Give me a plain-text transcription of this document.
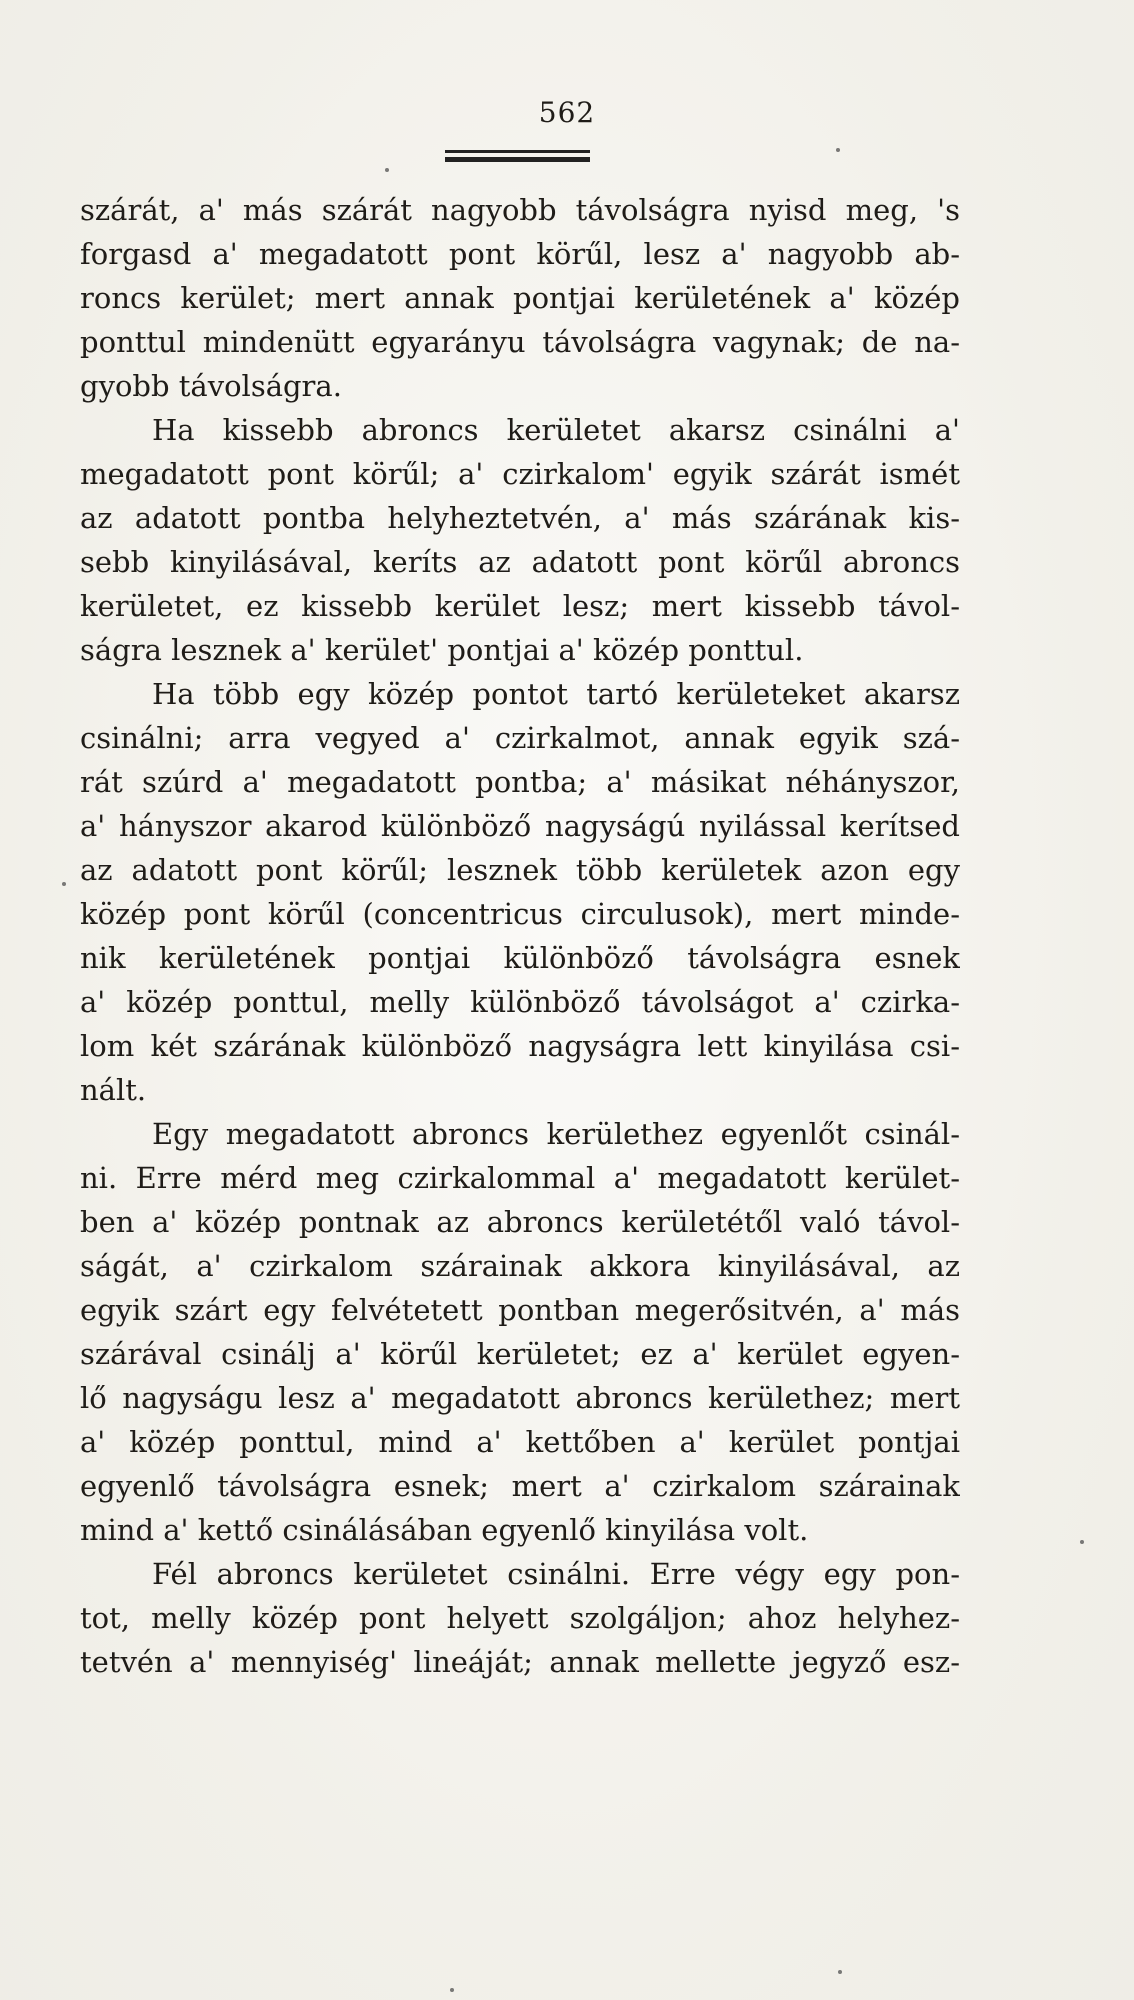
562
szárát, a' más szárát nagyobb távolságra nyisd meg, 's
forgasd a' megadatott pont körűl, lesz a' nagyobb ab-
roncs kerület; mert annak pontjai kerületének a' közép
ponttul mindenütt egyarányu távolságra vagynak; de na-
gyobb távolságra.
Ha kissebb abroncs kerületet akarsz csinálni a'
megadatott pont körűl; a' czirkalom' egyik szárát ismét
az adatott pontba helyheztetvén, a' más szárának kis-
sebb kinyilásával, keríts az adatott pont körűl abroncs
kerületet, ez kissebb kerület lesz; mert kissebb távol-
ságra lesznek a' kerület' pontjai a' közép ponttul.
Ha több egy közép pontot tartó kerületeket akarsz
csinálni; arra vegyed a' czirkalmot, annak egyik szá-
rát szúrd a' megadatott pontba; a' másikat néhányszor,
a' hányszor akarod különböző nagyságú nyilással kerítsed
az adatott pont körűl; lesznek több kerületek azon egy
közép pont körűl (concentricus circulusok), mert minde-
nik kerületének pontjai különböző távolságra esnek
a' közép ponttul, melly különböző távolságot a' czirka-
lom két szárának különböző nagyságra lett kinyilása csi-
nált.
Egy megadatott abroncs kerülethez egyenlőt csinál-
ni. Erre mérd meg czirkalommal a' megadatott kerület-
ben a' közép pontnak az abroncs kerületétől való távol-
ságát, a' czirkalom szárainak akkora kinyilásával, az
egyik szárt egy felvétetett pontban megerősitvén, a' más
szárával csinálj a' körűl kerületet; ez a' kerület egyen-
lő nagyságu lesz a' megadatott abroncs kerülethez; mert
a' közép ponttul, mind a' kettőben a' kerület pontjai
egyenlő távolságra esnek; mert a' czirkalom szárainak
mind a' kettő csinálásában egyenlő kinyilása volt.
Fél abroncs kerületet csinálni. Erre végy egy pon-
tot, melly közép pont helyett szolgáljon; ahoz helyhez-
tetvén a' mennyiség' lineáját; annak mellette jegyző esz-
